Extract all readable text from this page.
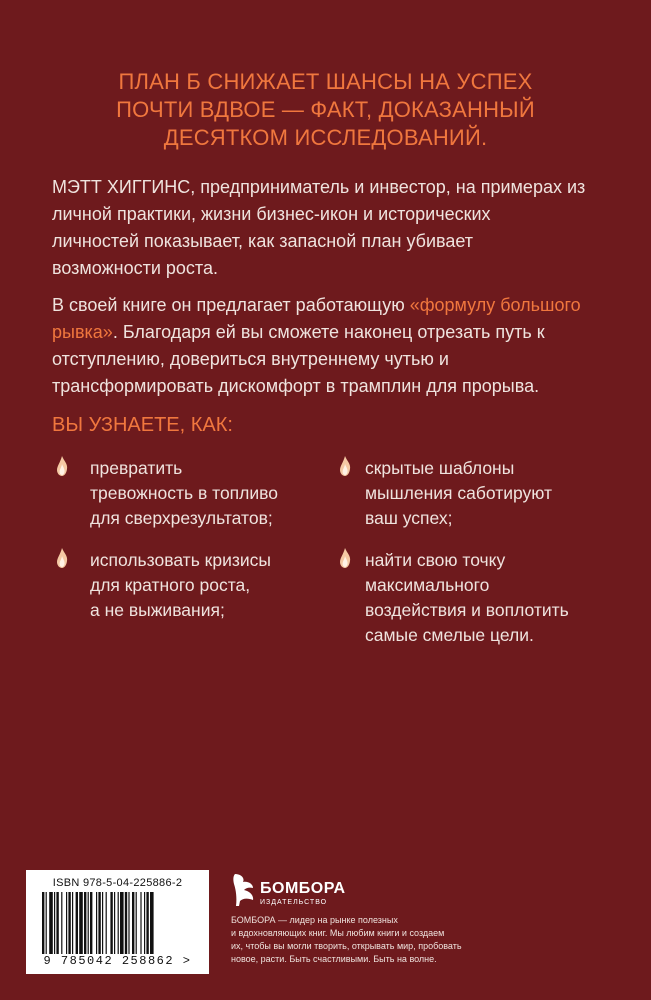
ПЛАН Б СНИЖАЕТ ШАНСЫ НА УСПЕХ
ПОЧТИ ВДВОЕ — ФАКТ, ДОКАЗАННЫЙ
ДЕСЯТКОМ ИССЛЕДОВАНИЙ.
МЭТТ ХИГГИНС, предприниматель и инвестор, на примерах из
личной практики, жизни бизнес-икон и исторических
личностей показывает, как запасной план убивает
возможности роста.
В своей книге он предлагает работающую «формулу большого
рывка». Благодаря ей вы сможете наконец отрезать путь к
отступлению, довериться внутреннему чутью и
трансформировать дискомфорт в трамплин для прорыва.
ВЫ УЗНАЕТЕ, КАК:
превратить
тревожность в топливо
для сверхрезультатов;
скрытые шаблоны
мышления саботируют
ваш успех;
использовать кризисы
для кратного роста,
а не выживания;
найти свою точку
максимального
воздействия и воплотить
самые смелые цели.
ISBN 978-5-04-225886-2
9 785042 258862 >
БОМБОРА
ИЗДАТЕЛЬСТВО
БОМБОРА — лидер на рынке полезных
и вдохновляющих книг. Мы любим книги и создаем
их, чтобы вы могли творить, открывать мир, пробовать
новое, расти. Быть счастливыми. Быть на волне.
